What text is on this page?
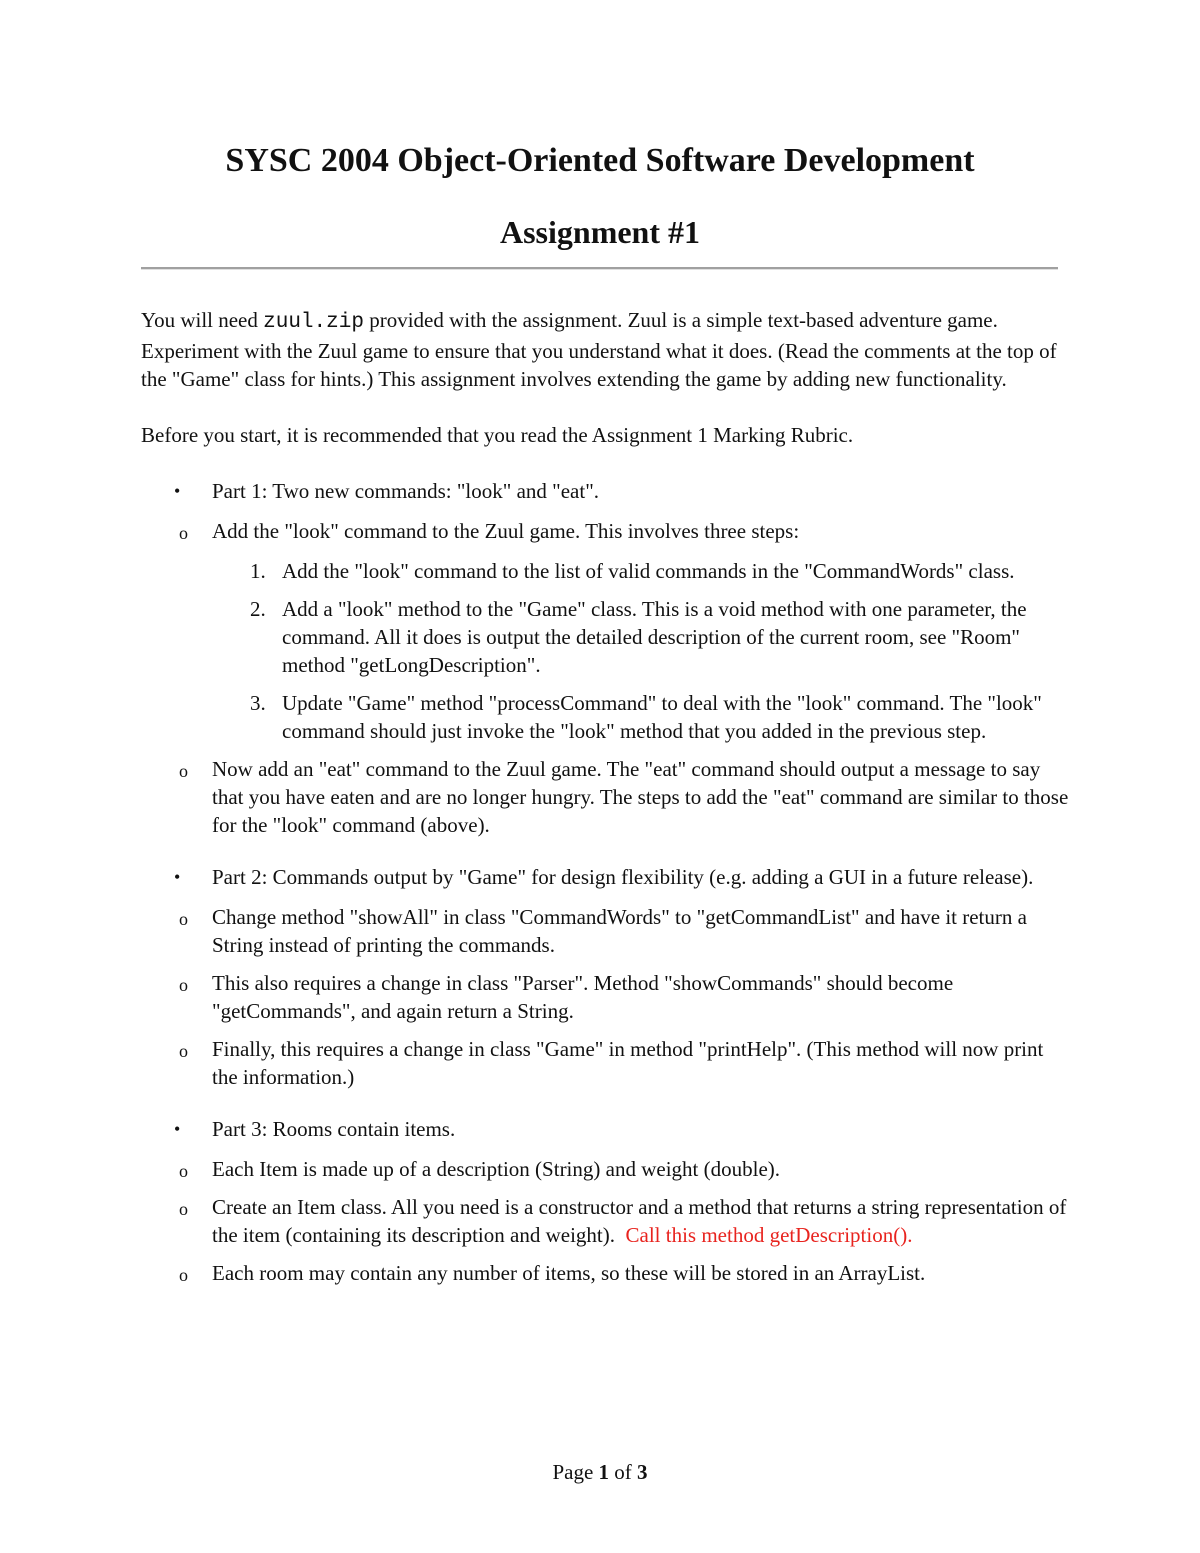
SYSC 2004 Object-Oriented Software Development
Assignment #1

You will need zuul.zip provided with the assignment. Zuul is a simple text-based adventure game. Experiment with the Zuul game to ensure that you understand what it does. (Read the comments at the top of the "Game" class for hints.) This assignment involves extending the game by adding new functionality.

Before you start, it is recommended that you read the Assignment 1 Marking Rubric.

• Part 1: Two new commands: "look" and "eat".
o Add the "look" command to the Zuul game. This involves three steps:
1. Add the "look" command to the list of valid commands in the "CommandWords" class.
2. Add a "look" method to the "Game" class. This is a void method with one parameter, the command. All it does is output the detailed description of the current room, see "Room" method "getLongDescription".
3. Update "Game" method "processCommand" to deal with the "look" command. The "look" command should just invoke the "look" method that you added in the previous step.
o Now add an "eat" command to the Zuul game. The "eat" command should output a message to say that you have eaten and are no longer hungry. The steps to add the "eat" command are similar to those for the "look" command (above).
• Part 2: Commands output by "Game" for design flexibility (e.g. adding a GUI in a future release).
o Change method "showAll" in class "CommandWords" to "getCommandList" and have it return a String instead of printing the commands.
o This also requires a change in class "Parser". Method "showCommands" should become "getCommands", and again return a String.
o Finally, this requires a change in class "Game" in method "printHelp". (This method will now print the information.)
• Part 3: Rooms contain items.
o Each Item is made up of a description (String) and weight (double).
o Create an Item class. All you need is a constructor and a method that returns a string representation of the item (containing its description and weight). Call this method getDescription().
o Each room may contain any number of items, so these will be stored in an ArrayList.
Page 1 of 3
